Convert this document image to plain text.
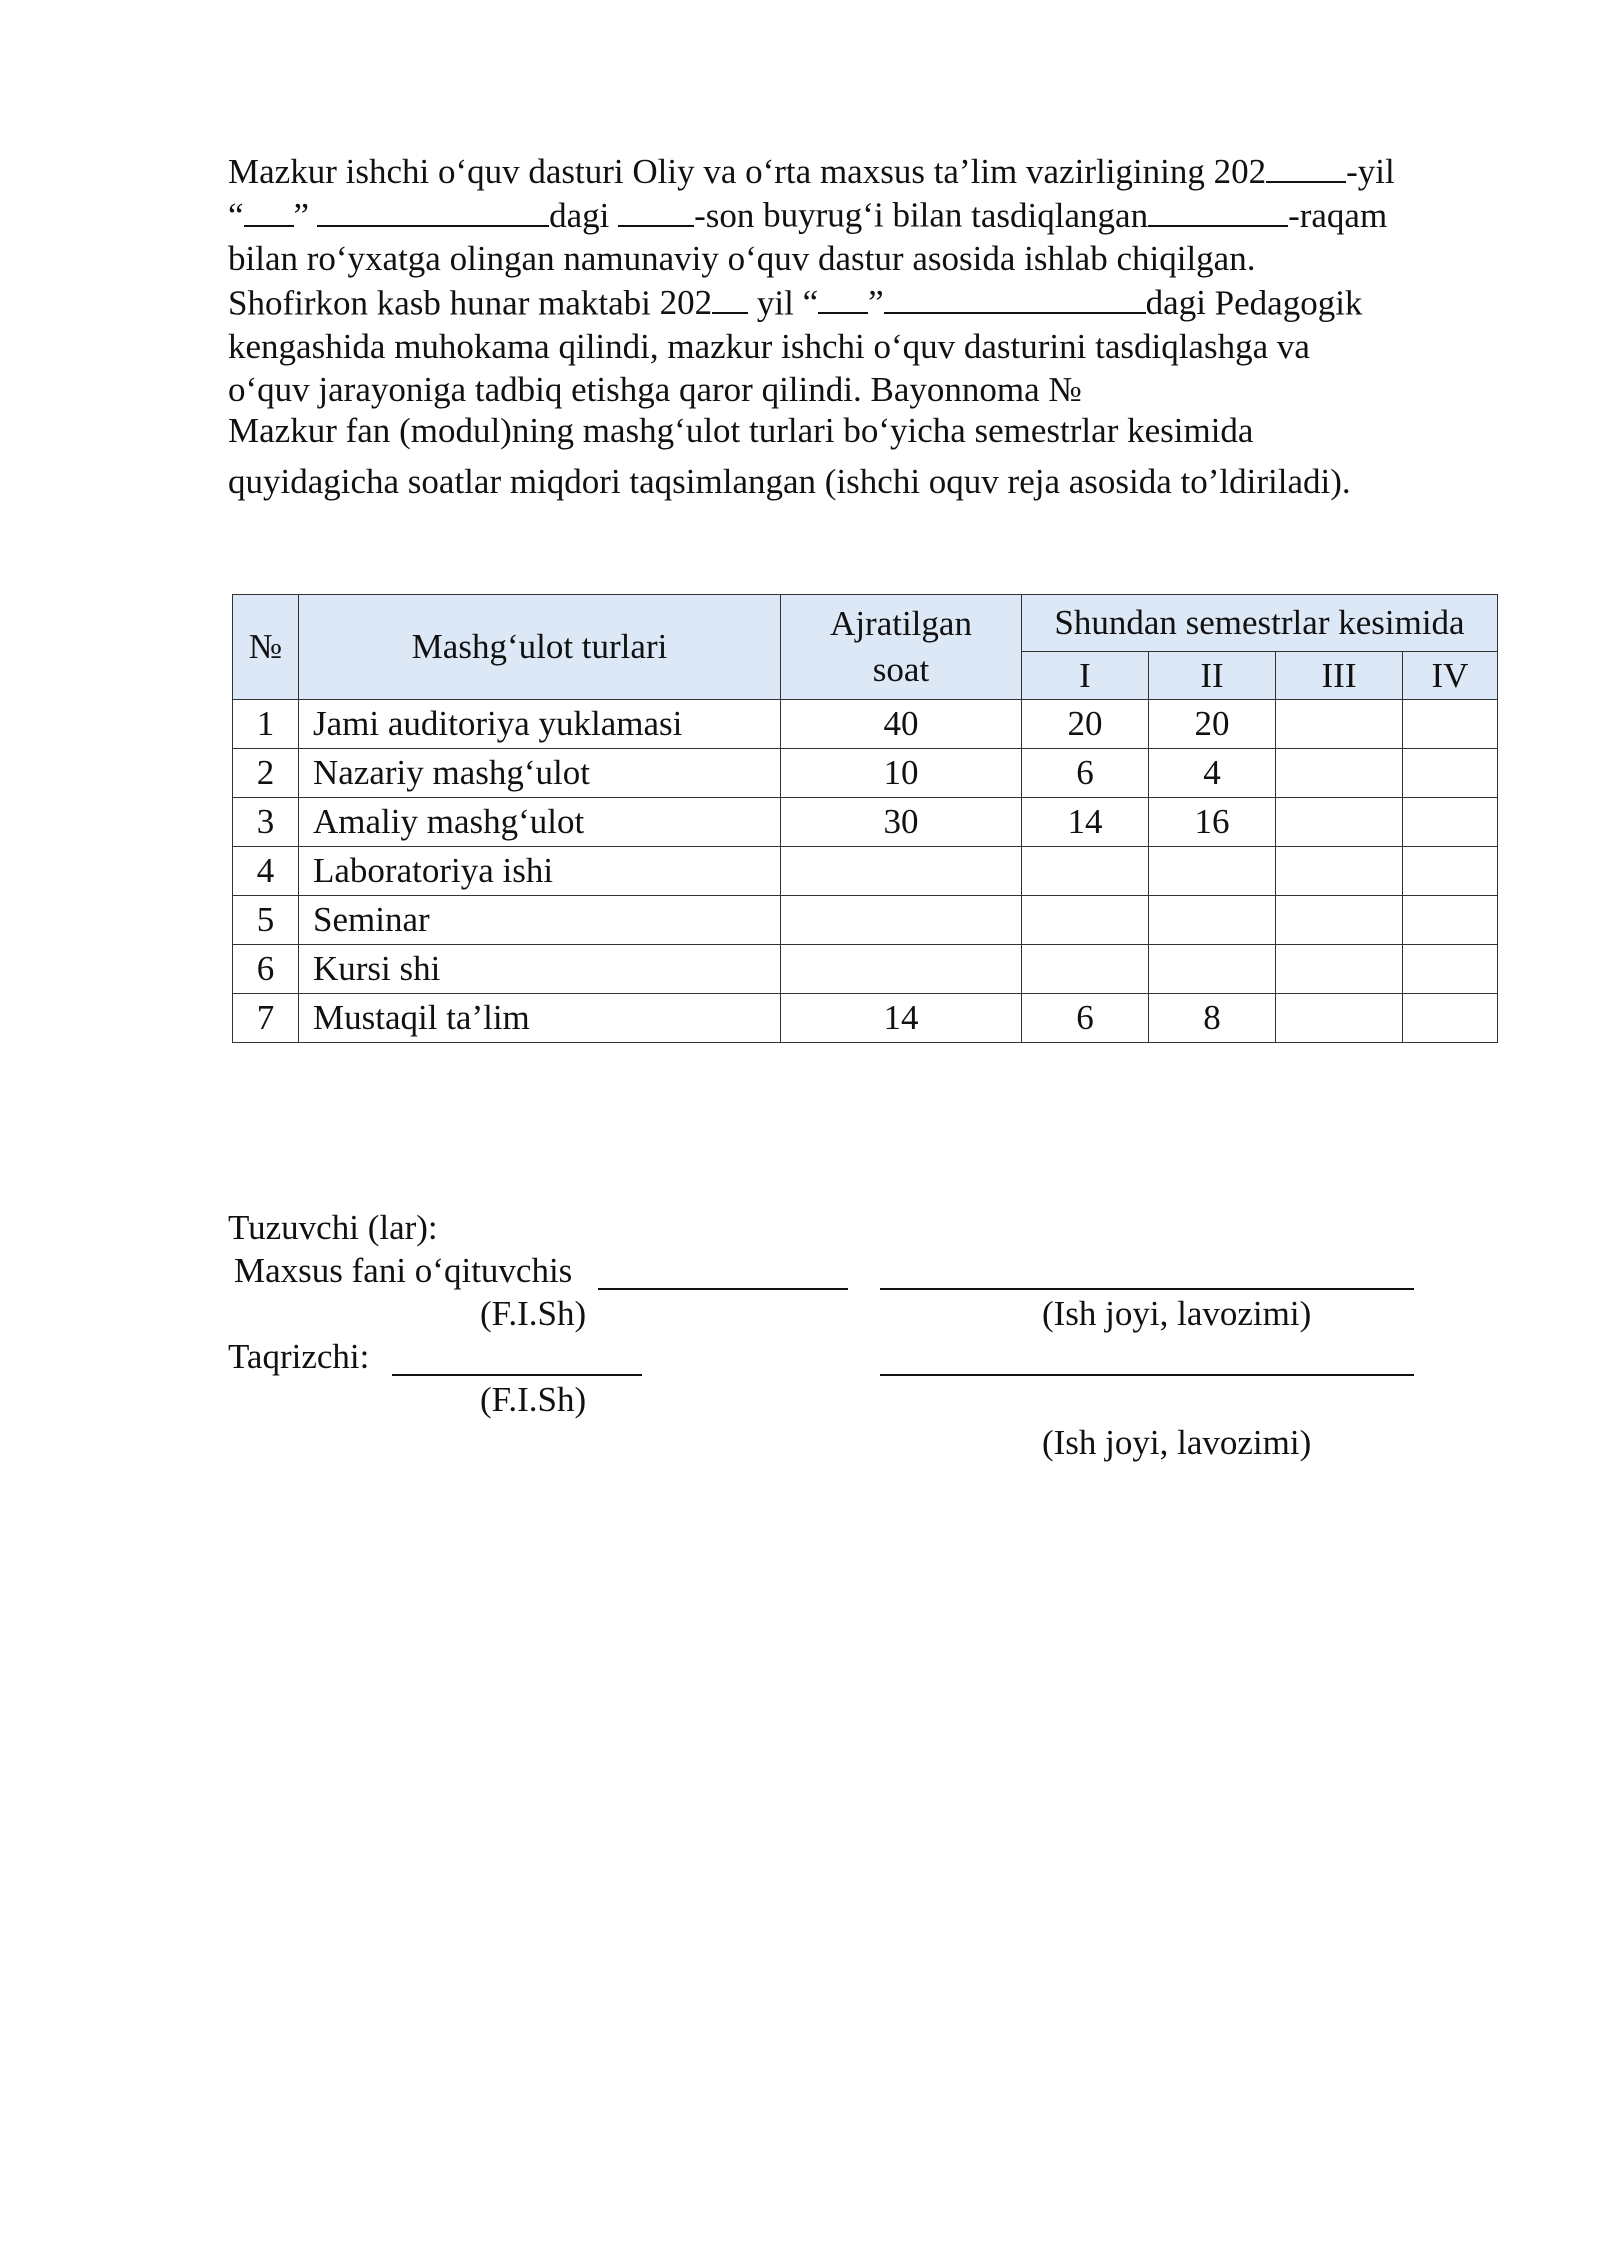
Mazkur ishchi o‘quv dasturi Oliy va o‘rta maxsus ta’lim vazirligining 202 -yil
“ ”	dagi -son buyrug‘i bilan tasdiqlangan	-raqam
bilan ro‘yxatga olingan namunaviy o‘quv dastur asosida ishlab chiqilgan.
Shofirkon kasb hunar maktabi 202 yil “ ”	dagi Pedagogik
kengashida muhokama qilindi, mazkur ishchi o‘quv dasturini tasdiqlashga va
o‘quv jarayoniga tadbiq etishga qaror qilindi. Bayonnoma №
Mazkur fan (modul)ning mashg‘ulot turlari bo‘yicha semestrlar kesimida
quyidagicha soatlar miqdori taqsimlangan (ishchi oquv reja asosida to’ldiriladi).
№	Mashg‘ulot turlari	Ajratilgan
soat	Shundan semestrlar kesimida			
			I	II	III	IV
1	Jami auditoriya yuklamasi	40	20	20		
2	Nazariy mashg‘ulot	10	6	4		
3	Amaliy mashg‘ulot	30	14	16		
4	Laboratoriya ishi					
5	Seminar					
6	Kursi shi					
7	Mustaqil ta’lim	14	6	8		
Tuzuvchi (lar):
Maxsus fani o‘qituvchis
(F.I.Sh)	(Ish joyi, lavozimi)
Taqrizchi:
(F.I.Sh)
(Ish joyi, lavozimi)
